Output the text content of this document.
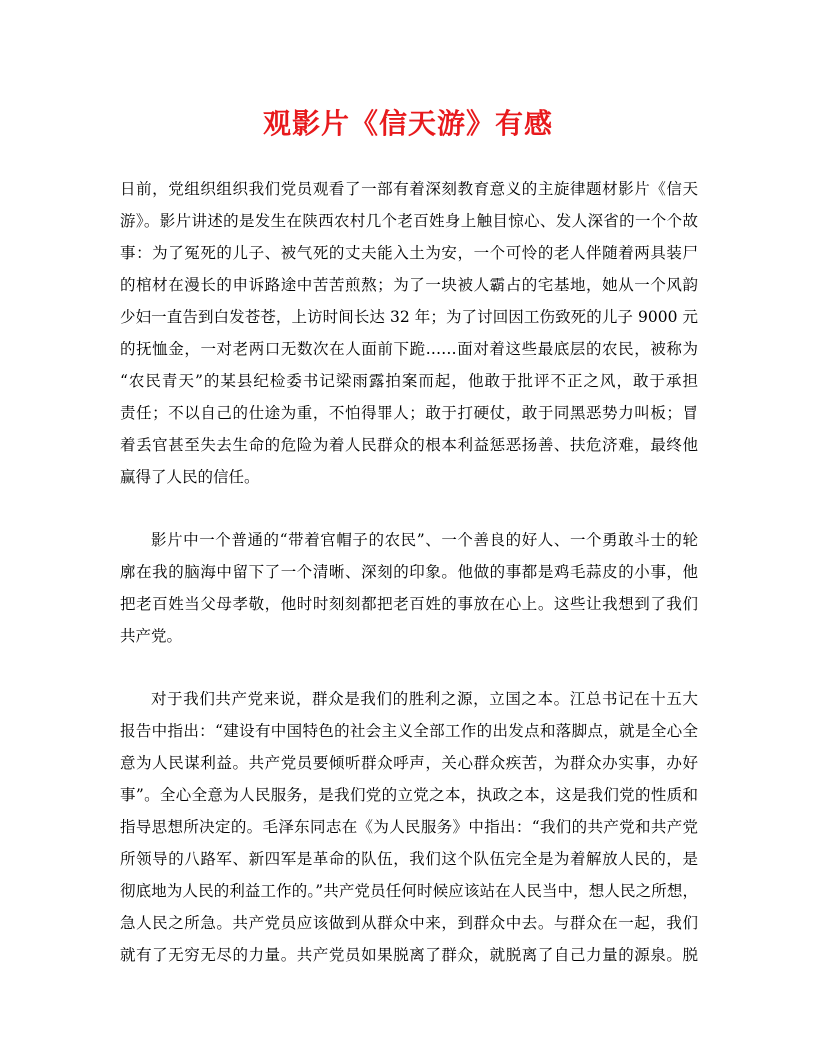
观影片《信天游》有感
日前，党组织组织我们党员观看了一部有着深刻教育意义的主旋律题材影片《信天
游》。影片讲述的是发生在陕西农村几个老百姓身上触目惊心、发人深省的一个个故
事：为了冤死的儿子、被气死的丈夫能入土为安，一个可怜的老人伴随着两具装尸
的棺材在漫长的申诉路途中苦苦煎熬；为了一块被人霸占的宅基地，她从一个风韵
少妇一直告到白发苍苍，上访时间长达 32 年；为了讨回因工伤致死的儿子 9000 元
的抚恤金，一对老两口无数次在人面前下跪……面对着这些最底层的农民，被称为
“农民青天”的某县纪检委书记梁雨露拍案而起，他敢于批评不正之风，敢于承担
责任；不以自己的仕途为重，不怕得罪人；敢于打硬仗，敢于同黑恶势力叫板；冒
着丢官甚至失去生命的危险为着人民群众的根本利益惩恶扬善、扶危济难，最终他
赢得了人民的信任。
影片中一个普通的“带着官帽子的农民”、一个善良的好人、一个勇敢斗士的轮
廓在我的脑海中留下了一个清晰、深刻的印象。他做的事都是鸡毛蒜皮的小事，他
把老百姓当父母孝敬，他时时刻刻都把老百姓的事放在心上。这些让我想到了我们
共产党。
对于我们共产党来说，群众是我们的胜利之源，立国之本。江总书记在十五大
报告中指出：“建设有中国特色的社会主义全部工作的出发点和落脚点，就是全心全
意为人民谋利益。共产党员要倾听群众呼声，关心群众疾苦，为群众办实事，办好
事”。全心全意为人民服务，是我们党的立党之本，执政之本，这是我们党的性质和
指导思想所决定的。毛泽东同志在《为人民服务》中指出：“我们的共产党和共产党
所领导的八路军、新四军是革命的队伍，我们这个队伍完全是为着解放人民的，是
彻底地为人民的利益工作的。”共产党员任何时候应该站在人民当中，想人民之所想，
急人民之所急。共产党员应该做到从群众中来，到群众中去。与群众在一起，我们
就有了无穷无尽的力量。共产党员如果脱离了群众，就脱离了自己力量的源泉。脱
